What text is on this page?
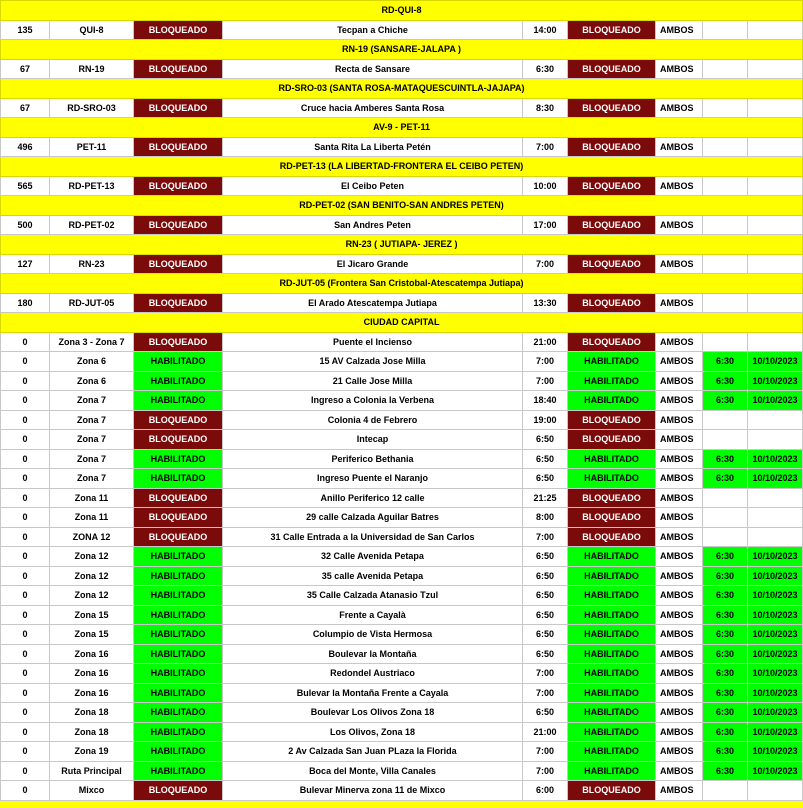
RD-QUI-8								
135	QUI-8	BLOQUEADO	Tecpan a Chiche	14:00	BLOQUEADO	AMBOS		
RN-19 (SANSARE-JALAPA )								
67	RN-19	BLOQUEADO	Recta de Sansare	6:30	BLOQUEADO	AMBOS		
RD-SRO-03 (SANTA ROSA-MATAQUESCUINTLA-JAJAPA)								
67	RD-SRO-03	BLOQUEADO	Cruce hacia Amberes Santa Rosa	8:30	BLOQUEADO	AMBOS		
AV-9 - PET-11								
496	PET-11	BLOQUEADO	Santa Rita La Liberta Petén	7:00	BLOQUEADO	AMBOS		
RD-PET-13 (LA LIBERTAD-FRONTERA EL CEIBO PETEN)								
565	RD-PET-13	BLOQUEADO	El Ceibo Peten	10:00	BLOQUEADO	AMBOS		
RD-PET-02 (SAN BENITO-SAN ANDRES PETEN)								
500	RD-PET-02	BLOQUEADO	San Andres Peten	17:00	BLOQUEADO	AMBOS		
RN-23 ( JUTIAPA- JEREZ )								
127	RN-23	BLOQUEADO	El Jicaro Grande	7:00	BLOQUEADO	AMBOS		
RD-JUT-05 (Frontera San Cristobal-Atescatempa Jutiapa)								
180	RD-JUT-05	BLOQUEADO	El Arado Atescatempa Jutiapa	13:30	BLOQUEADO	AMBOS		
CIUDAD CAPITAL								
0	Zona 3 - Zona 7	BLOQUEADO	Puente el Incienso	21:00	BLOQUEADO	AMBOS		
0	Zona 6	HABILITADO	15 AV Calzada Jose Milla	7:00	HABILITADO	AMBOS	6:30	10/10/2023
0	Zona 6	HABILITADO	21 Calle Jose Milla	7:00	HABILITADO	AMBOS	6:30	10/10/2023
0	Zona 7	HABILITADO	Ingreso a Colonia la Verbena	18:40	HABILITADO	AMBOS	6:30	10/10/2023
0	Zona 7	BLOQUEADO	Colonia 4 de Febrero	19:00	BLOQUEADO	AMBOS		
0	Zona 7	BLOQUEADO	Intecap	6:50	BLOQUEADO	AMBOS		
0	Zona 7	HABILITADO	Periferico Bethania	6:50	HABILITADO	AMBOS	6:30	10/10/2023
0	Zona 7	HABILITADO	Ingreso Puente el Naranjo	6:50	HABILITADO	AMBOS	6:30	10/10/2023
0	Zona 11	BLOQUEADO	Anillo Periferico 12 calle	21:25	BLOQUEADO	AMBOS		
0	Zona 11	BLOQUEADO	29 calle Calzada Aguilar Batres	8:00	BLOQUEADO	AMBOS		
0	ZONA 12	BLOQUEADO	31 Calle Entrada a la Universidad de San Carlos	7:00	BLOQUEADO	AMBOS		
0	Zona 12	HABILITADO	32 Calle Avenida Petapa	6:50	HABILITADO	AMBOS	6:30	10/10/2023
0	Zona 12	HABILITADO	35 calle Avenida Petapa	6:50	HABILITADO	AMBOS	6:30	10/10/2023
0	Zona 12	HABILITADO	35 Calle Calzada Atanasio Tzul	6:50	HABILITADO	AMBOS	6:30	10/10/2023
0	Zona 15	HABILITADO	Frente a Cayalà	6:50	HABILITADO	AMBOS	6:30	10/10/2023
0	Zona 15	HABILITADO	Columpio de Vista Hermosa	6:50	HABILITADO	AMBOS	6:30	10/10/2023
0	Zona 16	HABILITADO	Boulevar la Montaña	6:50	HABILITADO	AMBOS	6:30	10/10/2023
0	Zona 16	HABILITADO	Redondel Austriaco	7:00	HABILITADO	AMBOS	6:30	10/10/2023
0	Zona 16	HABILITADO	Bulevar la Montaña Frente a Cayala	7:00	HABILITADO	AMBOS	6:30	10/10/2023
0	Zona 18	HABILITADO	Boulevar Los Olivos Zona 18	6:50	HABILITADO	AMBOS	6:30	10/10/2023
0	Zona 18	HABILITADO	Los Olivos, Zona 18	21:00	HABILITADO	AMBOS	6:30	10/10/2023
0	Zona 19	HABILITADO	2 Av Calzada San Juan PLaza la Florida	7:00	HABILITADO	AMBOS	6:30	10/10/2023
0	Ruta Principal	HABILITADO	Boca del Monte, Villa Canales	7:00	HABILITADO	AMBOS	6:30	10/10/2023
0	Mixco	BLOQUEADO	Bulevar Minerva zona 11 de Mixco	6:00	BLOQUEADO	AMBOS		
